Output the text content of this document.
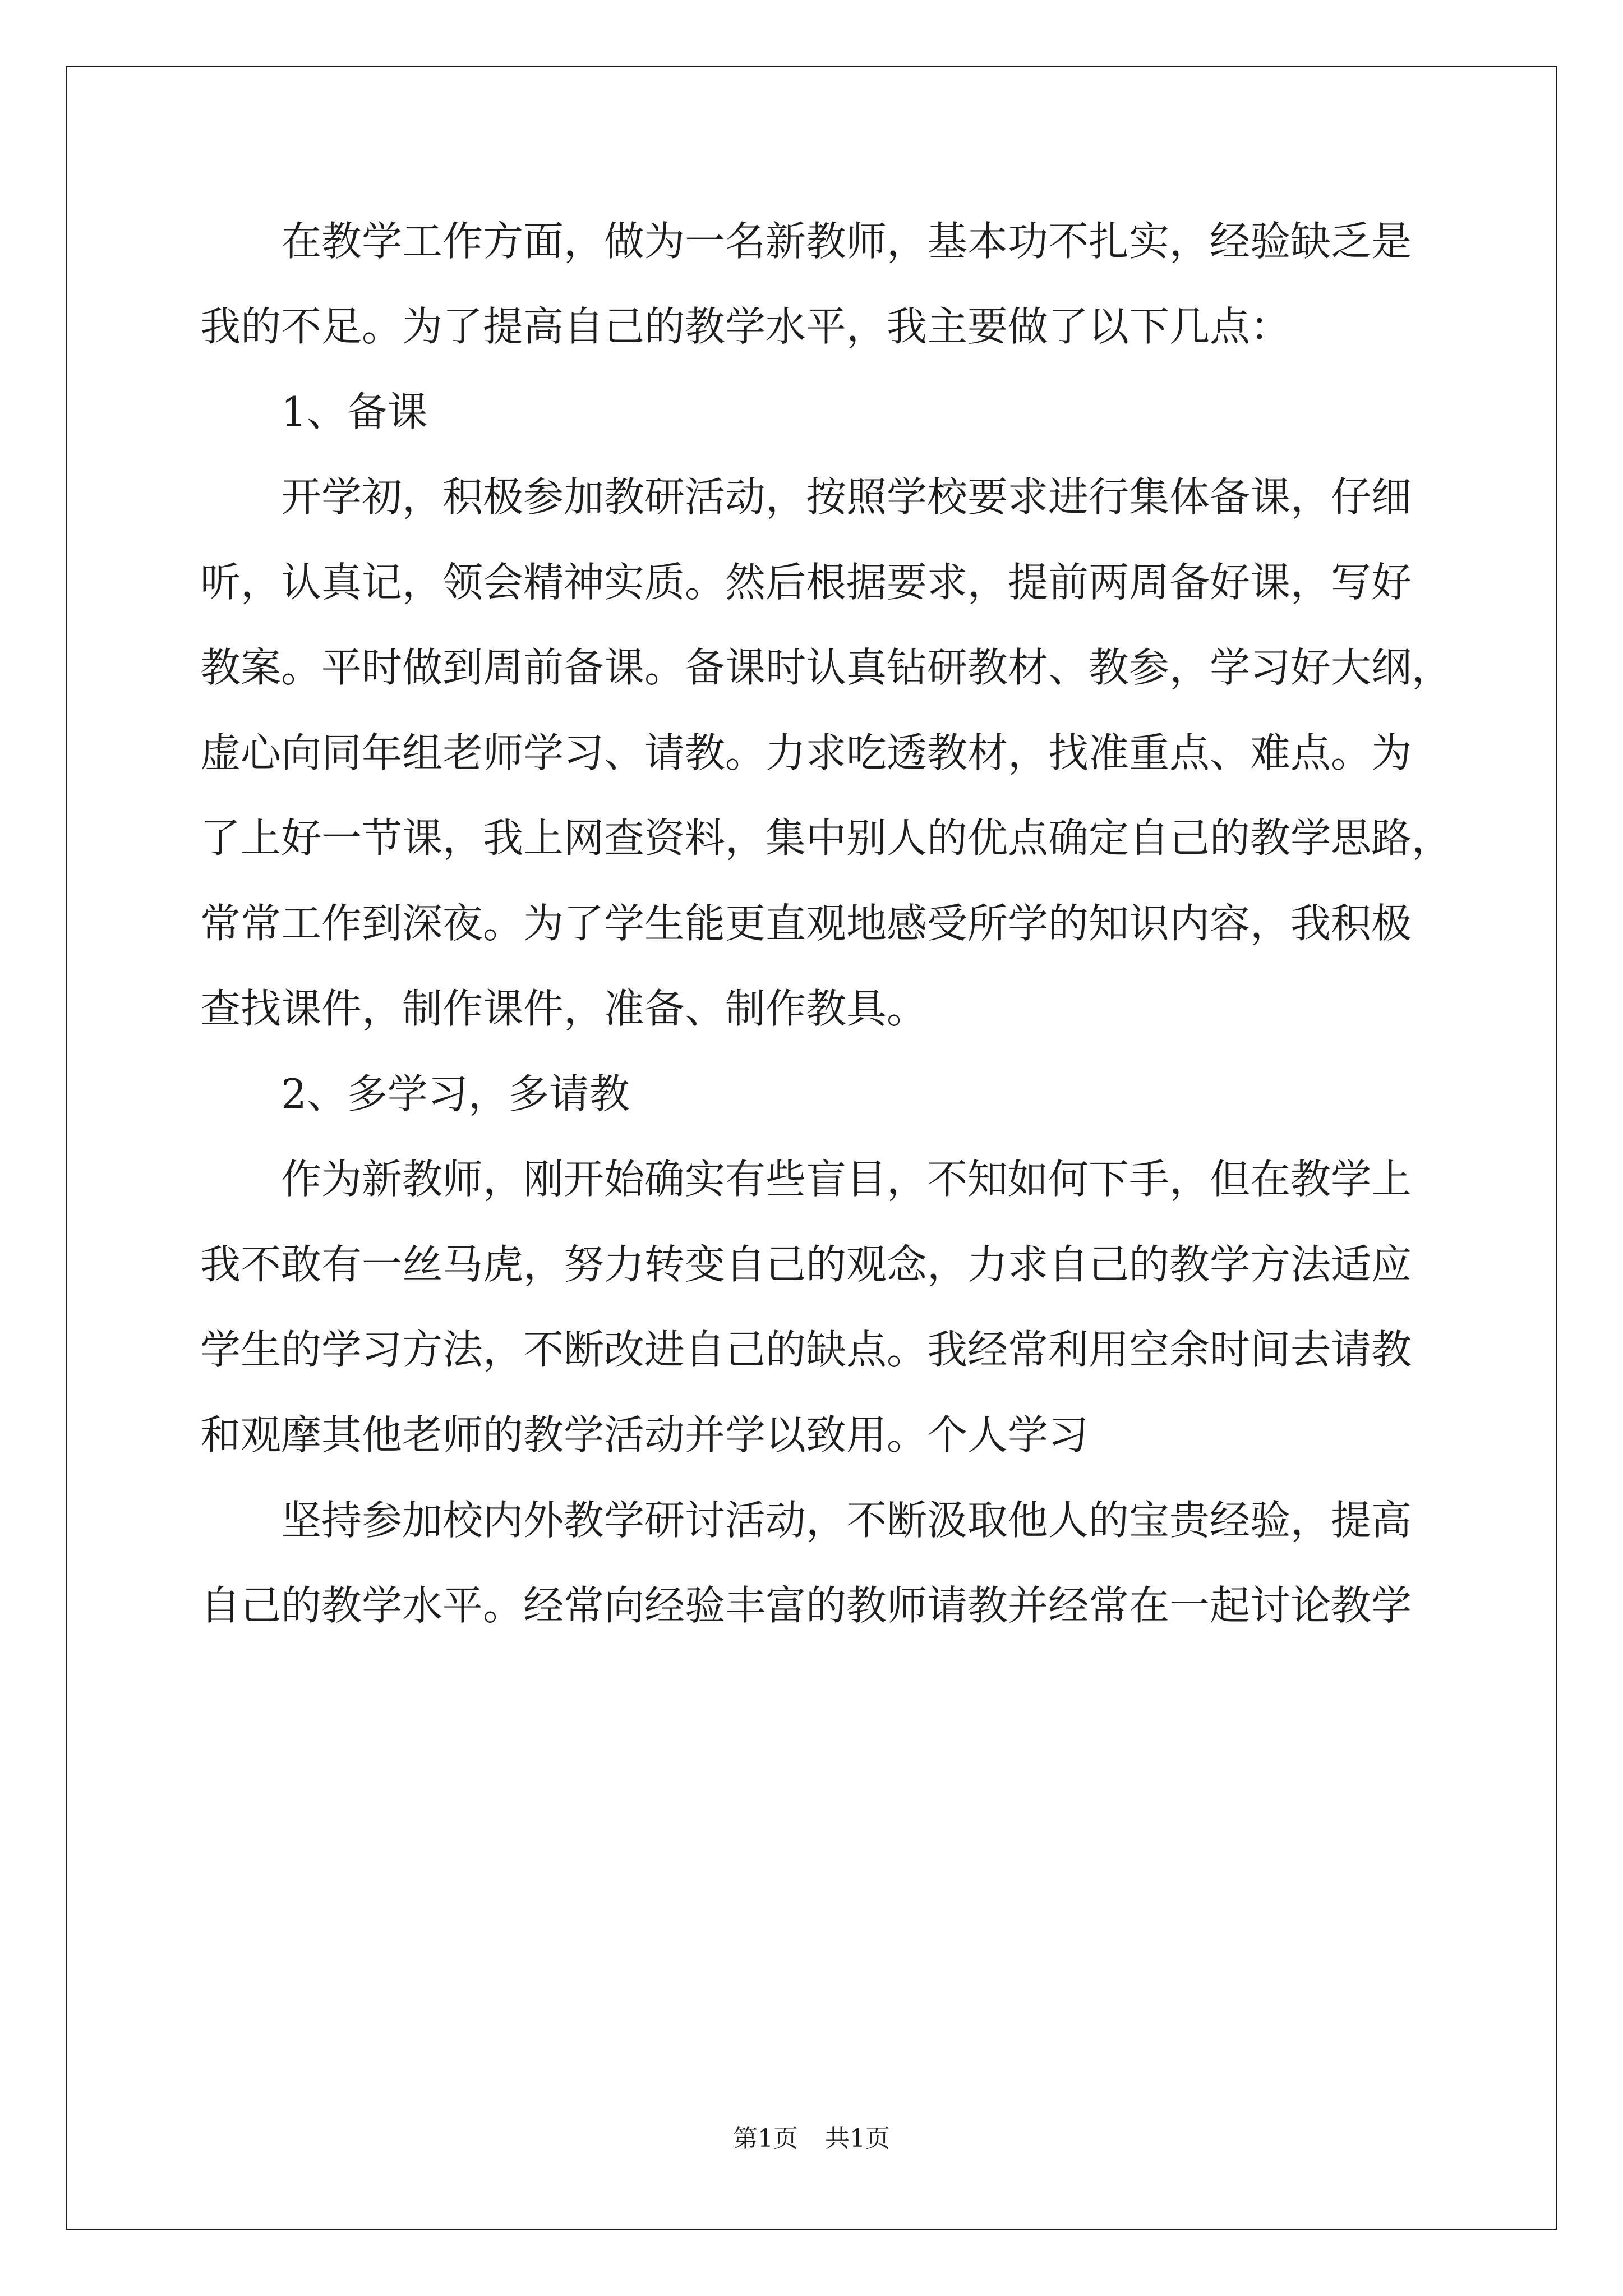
在教学工作方面，做为一名新教师，基本功不扎实，经验缺乏是
我的不足。为了提高自己的教学水平，我主要做了以下几点：
1、备课
开学初，积极参加教研活动，按照学校要求进行集体备课，仔细
听，认真记，领会精神实质。然后根据要求，提前两周备好课，写好
教案。平时做到周前备课。备课时认真钻研教材、教参，学习好大纲，
虚心向同年组老师学习、请教。力求吃透教材，找准重点、难点。为
了上好一节课，我上网查资料，集中别人的优点确定自己的教学思路，
常常工作到深夜。为了学生能更直观地感受所学的知识内容，我积极
查找课件，制作课件，准备、制作教具。
2、多学习，多请教
作为新教师，刚开始确实有些盲目，不知如何下手，但在教学上
我不敢有一丝马虎，努力转变自己的观念，力求自己的教学方法适应
学生的学习方法，不断改进自己的缺点。我经常利用空余时间去请教
和观摩其他老师的教学活动并学以致用。个人学习
坚持参加校内外教学研讨活动，不断汲取他人的宝贵经验，提高
自己的教学水平。经常向经验丰富的教师请教并经常在一起讨论教学
第1页 共1页
